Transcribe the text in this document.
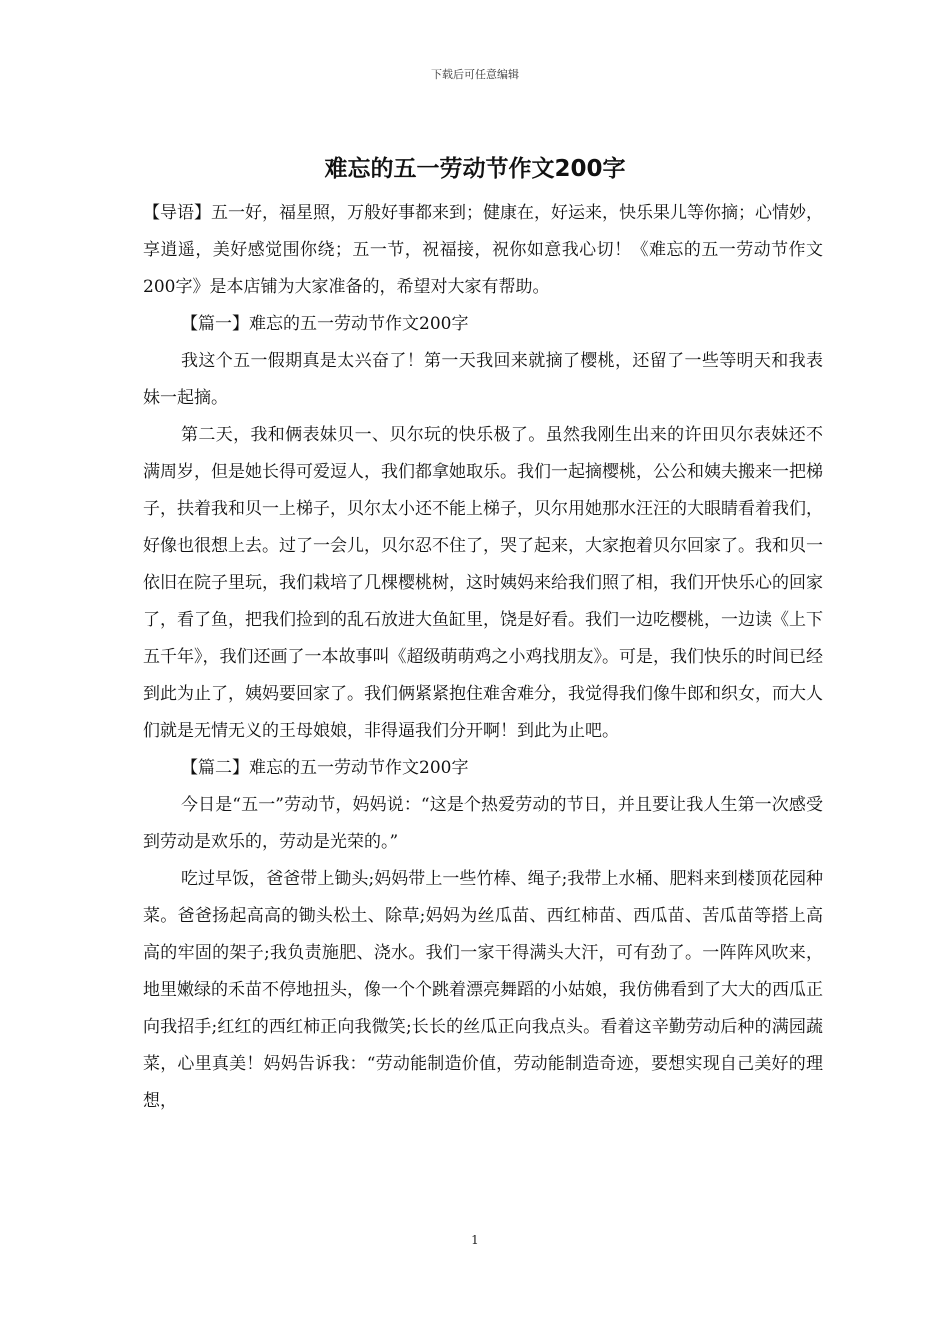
下载后可任意编辑
难忘的五一劳动节作文200字

【导语】五一好，福星照，万般好事都来到；健康在，好运来，快乐果儿等你摘；心情妙，享逍遥，美好感觉围你绕；五一节，祝福接，祝你如意我心切！《难忘的五一劳动节作文200字》是本店铺为大家准备的，希望对大家有帮助。

【篇一】难忘的五一劳动节作文200字

我这个五一假期真是太兴奋了！第一天我回来就摘了樱桃，还留了一些等明天和我表妹一起摘。

第二天，我和俩表妹贝一、贝尔玩的快乐极了。虽然我刚生出来的许田贝尔表妹还不满周岁，但是她长得可爱逗人，我们都拿她取乐。我们一起摘樱桃，公公和姨夫搬来一把梯子，扶着我和贝一上梯子，贝尔太小还不能上梯子，贝尔用她那水汪汪的大眼睛看着我们，好像也很想上去。过了一会儿，贝尔忍不住了，哭了起来，大家抱着贝尔回家了。我和贝一依旧在院子里玩，我们栽培了几棵樱桃树，这时姨妈来给我们照了相，我们开快乐心的回家了，看了鱼，把我们捡到的乱石放进大鱼缸里，饶是好看。我们一边吃樱桃，一边读《上下五千年》，我们还画了一本故事叫《超级萌萌鸡之小鸡找朋友》。可是，我们快乐的时间已经到此为止了，姨妈要回家了。我们俩紧紧抱住难舍难分，我觉得我们像牛郎和织女，而大人们就是无情无义的王母娘娘，非得逼我们分开啊！到此为止吧。

【篇二】难忘的五一劳动节作文200字

今日是“五一”劳动节，妈妈说：“这是个热爱劳动的节日，并且要让我人生第一次感受到劳动是欢乐的，劳动是光荣的。”

吃过早饭，爸爸带上锄头;妈妈带上一些竹棒、绳子;我带上水桶、肥料来到楼顶花园种菜。爸爸扬起高高的锄头松土、除草;妈妈为丝瓜苗、西红柿苗、西瓜苗、苦瓜苗等搭上高高的牢固的架子;我负责施肥、浇水。我们一家干得满头大汗，可有劲了。一阵阵风吹来，地里嫩绿的禾苗不停地扭头，像一个个跳着漂亮舞蹈的小姑娘，我仿佛看到了大大的西瓜正向我招手;红红的西红柿正向我微笑;长长的丝瓜正向我点头。看着这辛勤劳动后种的满园蔬菜，心里真美！妈妈告诉我：“劳动能制造价值，劳动能制造奇迹，要想实现自己美好的理想，

1
